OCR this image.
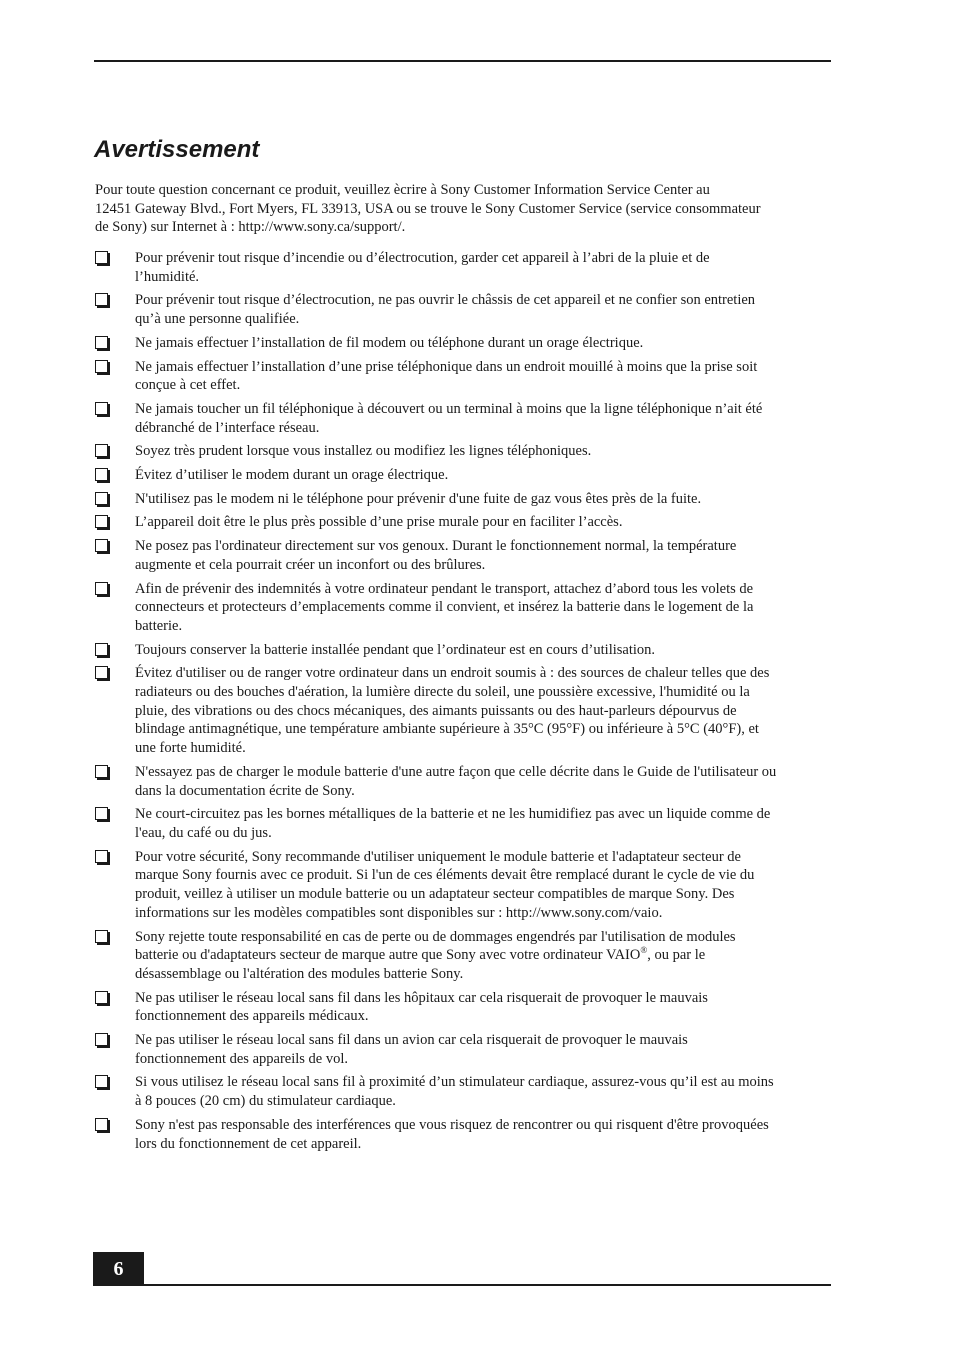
Avertissement

Pour toute question concernant ce produit, veuillez ècrire à Sony Customer Information Service Center au
12451 Gateway Blvd., Fort Myers, FL 33913, USA ou se trouve le Sony Customer Service (service consommateur
de Sony) sur Internet à : http://www.sony.ca/support/.

Pour prévenir tout risque d’incendie ou d’électrocution, garder cet appareil à l’abri de la pluie et de
l’humidité.
Pour prévenir tout risque d’électrocution, ne pas ouvrir le châssis de cet appareil et ne confier son entretien
qu’à une personne qualifiée.
Ne jamais effectuer l’installation de fil modem ou téléphone durant un orage électrique.
Ne jamais effectuer l’installation d’une prise téléphonique dans un endroit mouillé à moins que la prise soit
conçue à cet effet.
Ne jamais toucher un fil téléphonique à découvert ou un terminal à moins que la ligne téléphonique n’ait été
débranché de l’interface réseau.
Soyez très prudent lorsque vous installez ou modifiez les lignes téléphoniques.
Évitez d’utiliser le modem durant un orage électrique.
N'utilisez pas le modem ni le téléphone pour prévenir d'une fuite de gaz vous êtes près de la fuite.
L’appareil doit être le plus près possible d’une prise murale pour en faciliter l’accès.
Ne posez pas l'ordinateur directement sur vos genoux. Durant le fonctionnement normal, la température
augmente et cela pourrait créer un inconfort ou des brûlures.
Afin de prévenir des indemnités à votre ordinateur pendant le transport, attachez d’abord tous les volets de
connecteurs et protecteurs d’emplacements comme il convient, et insérez la batterie dans le logement de la
batterie.
Toujours conserver la batterie installée pendant que l’ordinateur est en cours d’utilisation.
Évitez d'utiliser ou de ranger votre ordinateur dans un endroit soumis à : des sources de chaleur telles que des
radiateurs ou des bouches d'aération, la lumière directe du soleil, une poussière excessive, l'humidité ou la
pluie, des vibrations ou des chocs mécaniques, des aimants puissants ou des haut-parleurs dépourvus de
blindage antimagnétique, une température ambiante supérieure à 35°C (95°F) ou inférieure à 5°C (40°F), et
une forte humidité.
N'essayez pas de charger le module batterie d'une autre façon que celle décrite dans le Guide de l'utilisateur ou
dans la documentation écrite de Sony.
Ne court-circuitez pas les bornes métalliques de la batterie et ne les humidifiez pas avec un liquide comme de
l'eau, du café ou du jus.
Pour votre sécurité, Sony recommande d'utiliser uniquement le module batterie et l'adaptateur secteur de
marque Sony fournis avec ce produit. Si l'un de ces éléments devait être remplacé durant le cycle de vie du
produit, veillez à utiliser un module batterie ou un adaptateur secteur compatibles de marque Sony. Des
informations sur les modèles compatibles sont disponibles sur : http://www.sony.com/vaio.
Sony rejette toute responsabilité en cas de perte ou de dommages engendrés par l'utilisation de modules
batterie ou d'adaptateurs secteur de marque autre que Sony avec votre ordinateur VAIO®, ou par le
désassemblage ou l'altération des modules batterie Sony.
Ne pas utiliser le réseau local sans fil dans les hôpitaux car cela risquerait de provoquer le mauvais
fonctionnement des appareils médicaux.
Ne pas utiliser le réseau local sans fil dans un avion car cela risquerait de provoquer le mauvais
fonctionnement des appareils de vol.
Si vous utilisez le réseau local sans fil à proximité d’un stimulateur cardiaque, assurez-vous qu’il est au moins
à 8 pouces (20 cm) du stimulateur cardiaque.
Sony n'est pas responsable des interférences que vous risquez de rencontrer ou qui risquent d'être provoquées
lors du fonctionnement de cet appareil.
6
